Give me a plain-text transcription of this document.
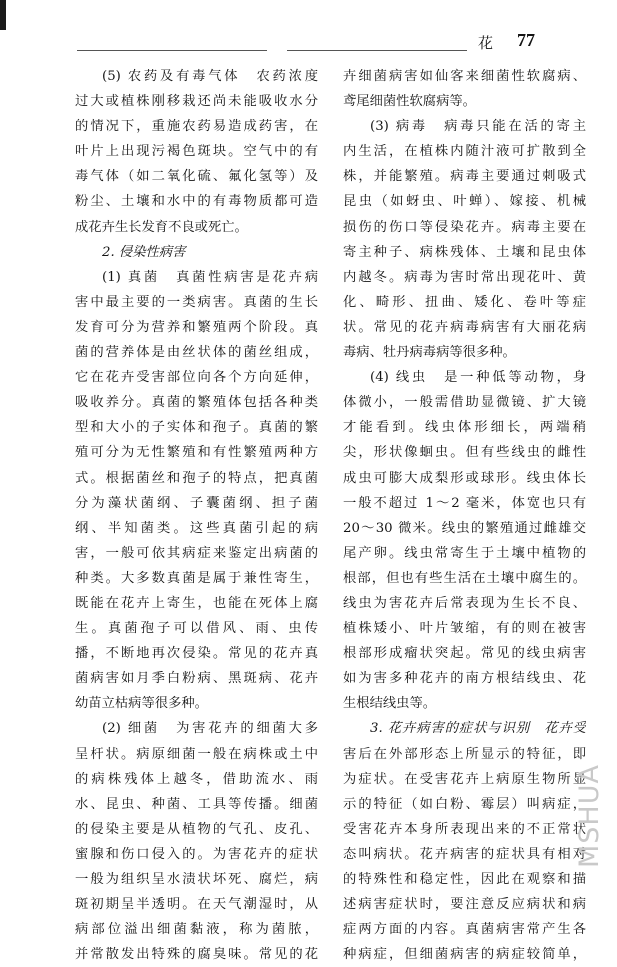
花 77
(5) 农药及有毒气体　农药浓度
过大或植株刚移栽还尚未能吸收水分
的情况下，重施农药易造成药害，在
叶片上出现污褐色斑块。空气中的有
毒气体（如二氧化硫、氟化氢等）及
粉尘、土壤和水中的有毒物质都可造
成花卉生长发育不良或死亡。
2. 侵染性病害
(1) 真菌　真菌性病害是花卉病
害中最主要的一类病害。真菌的生长
发育可分为营养和繁殖两个阶段。真
菌的营养体是由丝状体的菌丝组成，
它在花卉受害部位向各个方向延伸，
吸收养分。真菌的繁殖体包括各种类
型和大小的子实体和孢子。真菌的繁
殖可分为无性繁殖和有性繁殖两种方
式。根据菌丝和孢子的特点，把真菌
分为藻状菌纲、子囊菌纲、担子菌
纲、半知菌类。这些真菌引起的病
害，一般可依其病症来鉴定出病菌的
种类。大多数真菌是属于兼性寄生，
既能在花卉上寄生，也能在死体上腐
生。真菌孢子可以借风、雨、虫传
播，不断地再次侵染。常见的花卉真
菌病害如月季白粉病、黑斑病、花卉
幼苗立枯病等很多种。
(2) 细菌　为害花卉的细菌大多
呈杆状。病原细菌一般在病株或土中
的病株残体上越冬，借助流水、雨
水、昆虫、种菌、工具等传播。细菌
的侵染主要是从植物的气孔、皮孔、
蜜腺和伤口侵入的。为害花卉的症状
一般为组织呈水渍状坏死、腐烂，病
斑初期呈半透明。在天气潮湿时，从
病部位溢出细菌黏液，称为菌脓，
并常散发出特殊的腐臭味。常见的花
卉细菌病害如仙客来细菌性软腐病、
鸢尾细菌性软腐病等。
(3) 病毒　病毒只能在活的寄主
内生活，在植株内随汁液可扩散到全
株，并能繁殖。病毒主要通过刺吸式
昆虫（如蚜虫、叶蝉）、嫁接、机械
损伤的伤口等侵染花卉。病毒主要在
寄主种子、病株残体、土壤和昆虫体
内越冬。病毒为害时常出现花叶、黄
化、畸形、扭曲、矮化、卷叶等症
状。常见的花卉病毒病害有大丽花病
毒病、牡丹病毒病等很多种。
(4) 线虫　是一种低等动物，身
体微小，一般需借助显微镜、扩大镜
才能看到。线虫体形细长，两端稍
尖，形状像蛔虫。但有些线虫的雌性
成虫可膨大成梨形或球形。线虫体长
一般不超过 1～2 毫米，体宽也只有
20～30 微米。线虫的繁殖通过雌雄交
尾产卵。线虫常寄生于土壤中植物的
根部，但也有些生活在土壤中腐生的。
线虫为害花卉后常表现为生长不良、
植株矮小、叶片皱缩，有的则在被害
根部形成瘤状突起。常见的线虫病害
如为害多种花卉的南方根结线虫、花
生根结线虫等。
3. 花卉病害的症状与识别　花卉受
害后在外部形态上所显示的特征，即
为症状。在受害花卉上病原生物所显
示的特征（如白粉、霉层）叫病症，
受害花卉本身所表现出来的不正常状
态叫病状。花卉病害的症状具有相对
的特殊性和稳定性，因此在观察和描
述病害症状时，要注意反应病状和病
症两方面的内容。真菌病害常产生各
种病症，但细菌病害的病症较简单，
MSHUA
